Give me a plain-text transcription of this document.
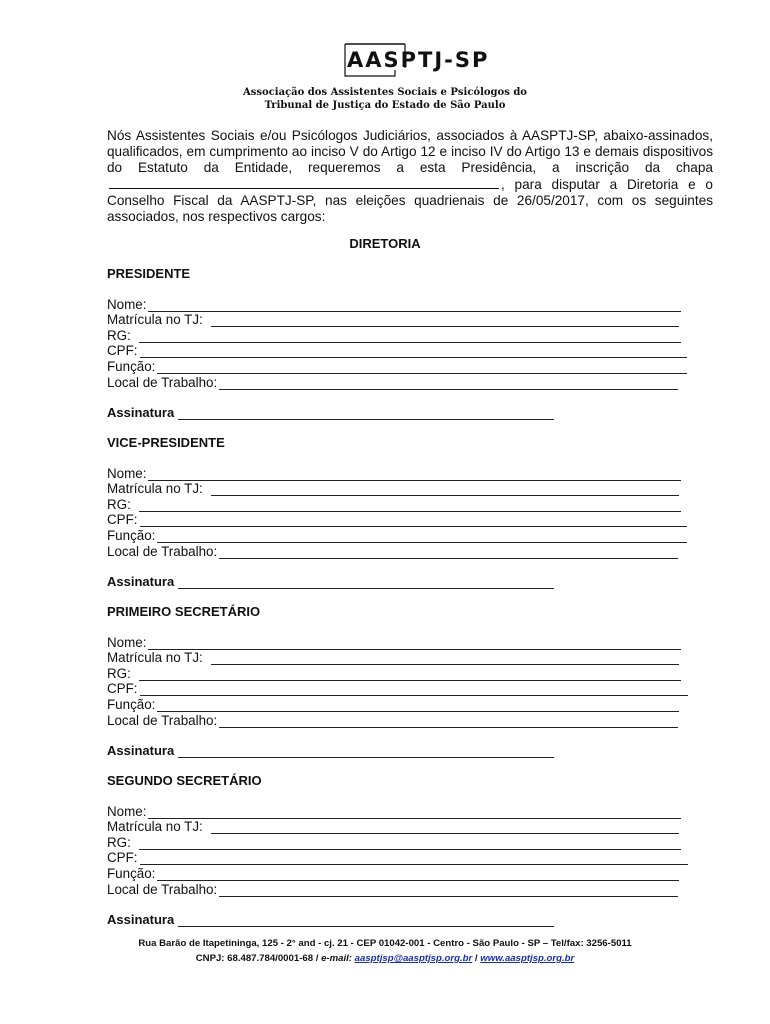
AASPTJ-SP
Associação dos Assistentes Sociais e Psicólogos do
Tribunal de Justiça do Estado de São Paulo
Nós Assistentes Sociais e/ou Psicólogos Judiciários, associados à AASPTJ-SP, abaixo-assinados, qualificados, em cumprimento ao inciso V do Artigo 12 e inciso IV do Artigo 13 e demais dispositivos do Estatuto da Entidade, requeremos a esta Presidência, a inscrição da chapa , para disputar a Diretoria e o Conselho Fiscal da AASPTJ-SP, nas eleições quadrienais de 26/05/2017, com os seguintes associados, nos respectivos cargos:
DIRETORIA
PRESIDENTE
Nome:
Matrícula no TJ:
RG:
CPF:
Função:
Local de Trabalho:
Assinatura
VICE-PRESIDENTE
Nome:
Matrícula no TJ:
RG:
CPF:
Função:
Local de Trabalho:
Assinatura
PRIMEIRO SECRETÁRIO
Nome:
Matrícula no TJ:
RG:
CPF:
Função:
Local de Trabalho:
Assinatura
SEGUNDO SECRETÁRIO
Nome:
Matrícula no TJ:
RG:
CPF:
Função:
Local de Trabalho:
Assinatura
Rua Barão de Itapetininga, 125 - 2° and - cj. 21 - CEP 01042-001 - Centro - São Paulo - SP – Tel/fax: 3256-5011
CNPJ: 68.487.784/0001-68 / e-mail: aasptjsp@aasptjsp.org.br / www.aasptjsp.org.br
